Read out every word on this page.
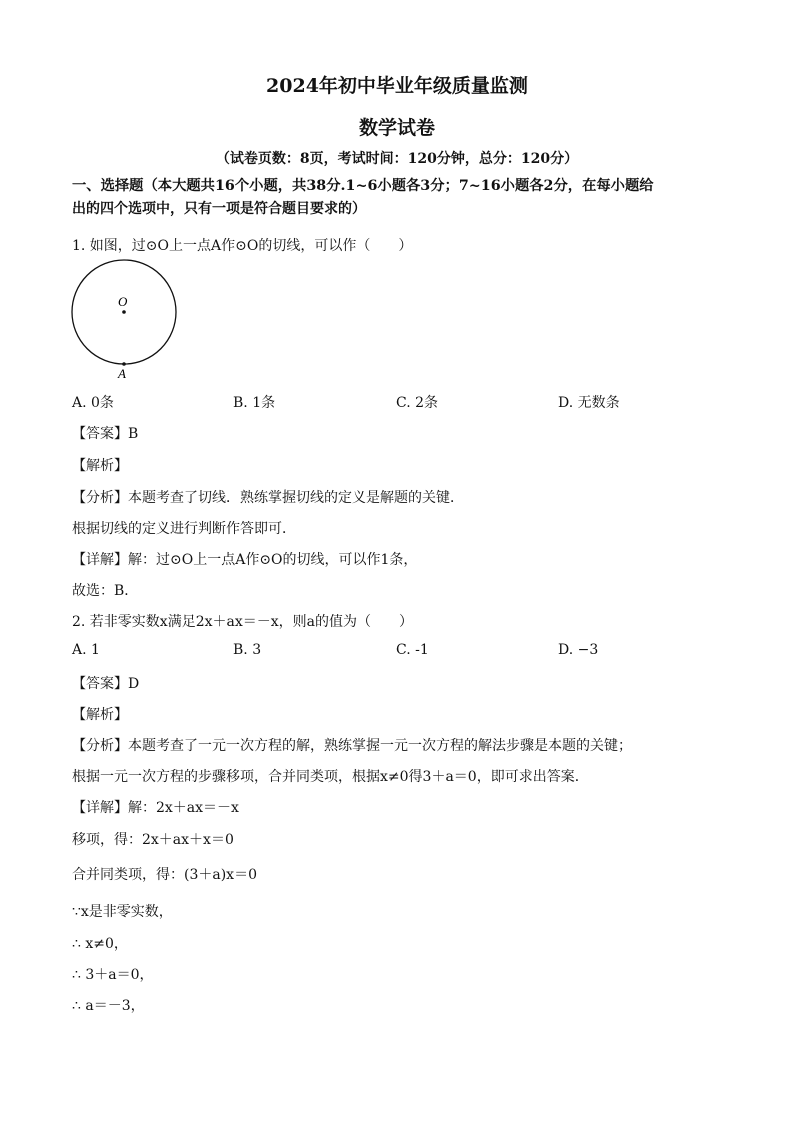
2024年初中毕业年级质量监测
数学试卷
（试卷页数：8页，考试时间：120分钟，总分：120分）
一、选择题（本大题共16个小题，共38分.1~6小题各3分；7~16小题各2分，在每小题给
出的四个选项中，只有一项是符合题目要求的）
1. 如图，过⊙O上一点A作⊙O的切线，可以作（　　）
O
A
A. 0条	B. 1条	C. 2条	D. 无数条
【答案】B
【解析】
【分析】本题考查了切线．熟练掌握切线的定义是解题的关键．
根据切线的定义进行判断作答即可．
【详解】解：过⊙O上一点A作⊙O的切线，可以作1条，
故选：B．
2. 若非零实数x满足2x＋ax＝－x，则a的值为（　　）
A. 1	B. 3	C. -1	D. −3
【答案】D
【解析】
【分析】本题考查了一元一次方程的解，熟练掌握一元一次方程的解法步骤是本题的关键；
根据一元一次方程的步骤移项，合并同类项，根据x≠0得3＋a＝0，即可求出答案．
【详解】解：2x＋ax＝－x
移项，得：2x＋ax＋x＝0
合并同类项，得：(3＋a)x＝0
∵x是非零实数，
∴ x≠0，
∴ 3＋a＝0，
∴ a＝－3，
